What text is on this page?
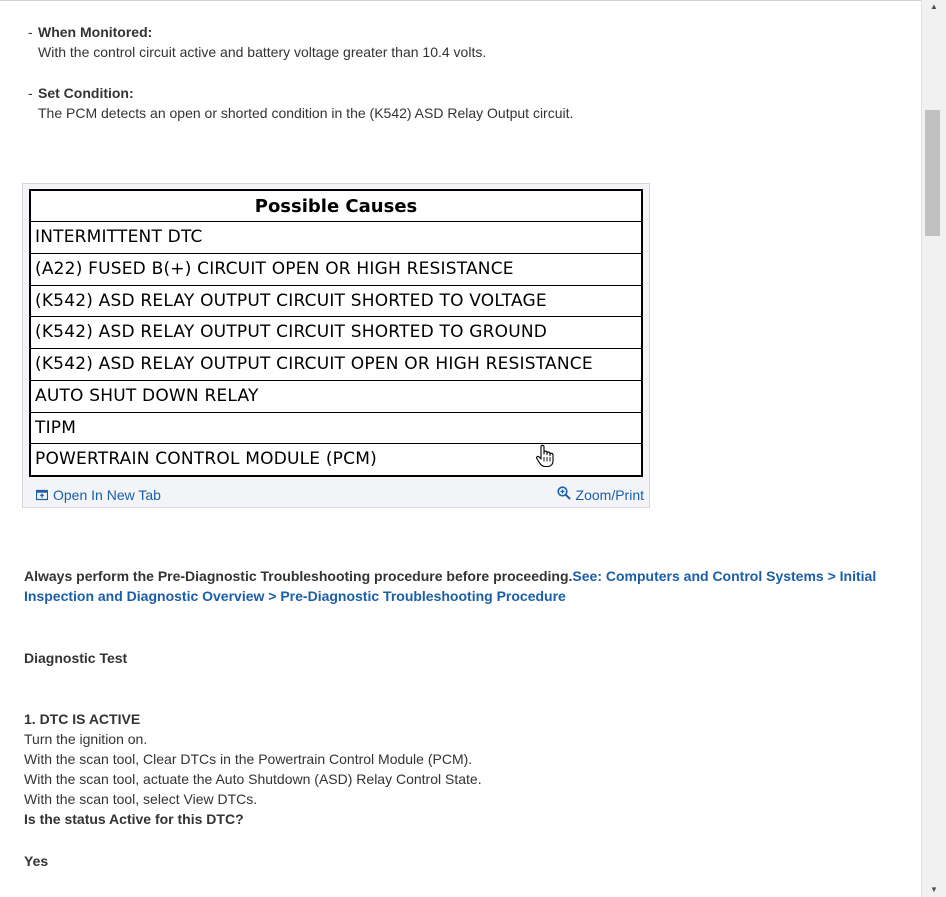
- When Monitored:
With the control circuit active and battery voltage greater than 10.4 volts.
- Set Condition:
The PCM detects an open or shorted condition in the (K542) ASD Relay Output circuit.
Possible Causes
INTERMITTENT DTC
(A22) FUSED B(+) CIRCUIT OPEN OR HIGH RESISTANCE
(K542) ASD RELAY OUTPUT CIRCUIT SHORTED TO VOLTAGE
(K542) ASD RELAY OUTPUT CIRCUIT SHORTED TO GROUND
(K542) ASD RELAY OUTPUT CIRCUIT OPEN OR HIGH RESISTANCE
AUTO SHUT DOWN RELAY
TIPM
POWERTRAIN CONTROL MODULE (PCM)
Open In New Tab	Zoom/Print
Always perform the Pre-Diagnostic Troubleshooting procedure before proceeding.See: Computers and Control Systems > Initial Inspection and Diagnostic Overview > Pre-Diagnostic Troubleshooting Procedure
Diagnostic Test
1. DTC IS ACTIVE
Turn the ignition on.
With the scan tool, Clear DTCs in the Powertrain Control Module (PCM).
With the scan tool, actuate the Auto Shutdown (ASD) Relay Control State.
With the scan tool, select View DTCs.
Is the status Active for this DTC?
Yes
▲
▼
